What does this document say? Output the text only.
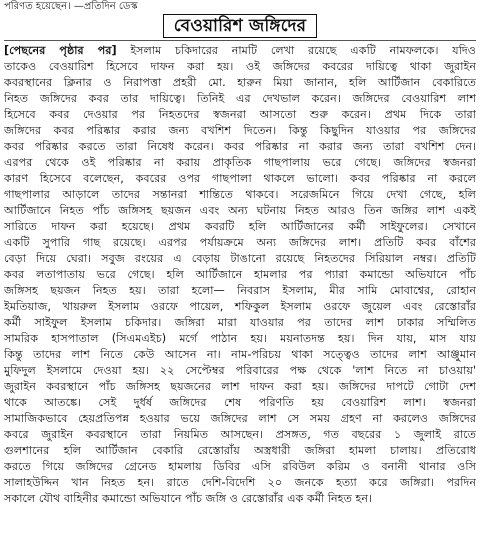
পরিণত হয়েছেন। —প্রতিদিন ডেস্ক
বেওয়ারিশ জঙ্গিদের
[পেছনের পৃষ্ঠার পর] ইসলাম চকিদারের নামটি লেখা রয়েছে একটি নামফলকে। যদিও
তাকেও বেওয়ারিশ হিসেবে দাফন করা হয়। ওই জঙ্গিদের কবরের দায়িত্বে থাকা জুরাইন
কবরস্থানের ক্লিনার ও নিরাপত্তা প্রহরী মো. হারুন মিয়া জানান, হলি আর্টিজান বেকারিতে
নিহত জঙ্গিদের কবর তার দায়িত্বে। তিনিই এর দেখভাল করেন। জঙ্গিদের বেওয়ারিশ লাশ
হিসেবে কবর দেওয়ার পর নিহতদের স্বজনরা আসতো শুরু করেন। প্রথম দিকে তারা
জঙ্গিদের কবর পরিষ্কার করার জন্য বখশিশ দিতেন। কিন্তু কিছুদিন যাওয়ার পর জঙ্গিদের
কবর পরিষ্কার করতে তারা নিষেধ করেন। কবর পরিষ্কার না করার জন্য তারা বখশিশ দেন।
এরপর থেকে ওই পরিষ্কার না করায় প্রাকৃতিক গাছপালায় ভরে গেছে। জঙ্গিদের স্বজনরা
কারণ হিসেবে বলেছেন, কবরের ওপর গাছপালা থাকলে ভালো। কবর পরিষ্কার না করলে
গাছপালার আড়ালে তাদের সন্তানরা শান্তিতে থাকবে। সরেজমিনে গিয়ে দেখা গেছে, হলি
আর্টিজানে নিহত পাঁচ জঙ্গিসহ ছয়জন এবং অন্য ঘটনায় নিহত আরও তিন জঙ্গির লাশ একই
সারিতে দাফন করা হয়েছে। প্রথম কবরটি হলি আর্টিজানের কর্মী সাইফুলের। সেখানে
একটি সুপারি গাছ রয়েছে। এরপর পর্যায়ক্রমে অন্য জঙ্গিদের লাশ। প্রতিটি কবর বাঁশের
বেড়া দিয়ে ঘেরা। সবুজ রংয়ের এ বেড়ায় টাঙানো রয়েছে নিহতদের সিরিয়াল নম্বর। প্রতিটি
কবর লতাপাতায় ভরে গেছে। হলি আর্টিজানে হামলার পর প্যারা কমান্ডো অভিযানে পাঁচ
জঙ্গিসহ ছয়জন নিহত হয়। তারা হলো— নিবরাস ইসলাম, মীর সামি মোবাশ্বের, রোহান
ইমতিয়াজ, খায়রুল ইসলাম ওরফে পায়েল, শফিকুল ইসলাম ওরফে জুয়েল এবং রেস্তোরাঁর
কর্মী সাইফুল ইসলাম চকিদার। জঙ্গিরা মারা যাওয়ার পর তাদের লাশ ঢাকার সম্মিলিত
সামরিক হাসপাতাল (সিএমএইচ) মর্গে পাঠান হয়। ময়নাতদন্ত হয়। দিন যায়, মাস যায়
কিন্তু তাদের লাশ নিতে কেউ আসেন না। নাম-পরিচয় থাকা সত্ত্বেও তাদের লাশ আঞ্জুমান
মুফিদুল ইসলামে দেওয়া হয়। ২২ সেপ্টেম্বর পরিবারের পক্ষ থেকে 'লাশ নিতে না চাওয়ায়'
জুরাইন কবরস্থানে পাঁচ জঙ্গিসহ ছয়জনের লাশ দাফন করা হয়। জঙ্গিদের দাপটে গোটা দেশ
থাকে আতঙ্কে। সেই দুর্ধর্ষ জঙ্গিদের শেষ পরিণতি হয় বেওয়ারিশ লাশ। স্বজনরা
সামাজিকভাবে হেয়প্রতিপন্ন হওয়ার ভয়ে জঙ্গিদের লাশ সে সময় গ্রহণ না করলেও জঙ্গিদের
কবরে জুরাইন কবরস্থানে তারা নিয়মিত আসছেন। প্রসঙ্গত, গত বছরের ১ জুলাই রাতে
গুলশানের হলি আর্টিজান বেকারি রেস্তোরাঁয় অস্ত্রধারী জঙ্গিরা হামলা চালায়। প্রতিরোধ
করতে গিয়ে জঙ্গিদের গ্রেনেড হামলায় ডিবির এসি রবিউল করিম ও বনানী থানার ওসি
সালাহউদ্দিন খান নিহত হন। রাতে দেশি-বিদেশি ২০ জনকে হত্যা করে জঙ্গিরা। পরদিন
সকালে যৌথ বাহিনীর কমান্ডো অভিযানে পাঁচ জঙ্গি ও রেস্তোরাঁর এক কর্মী নিহত হন।
